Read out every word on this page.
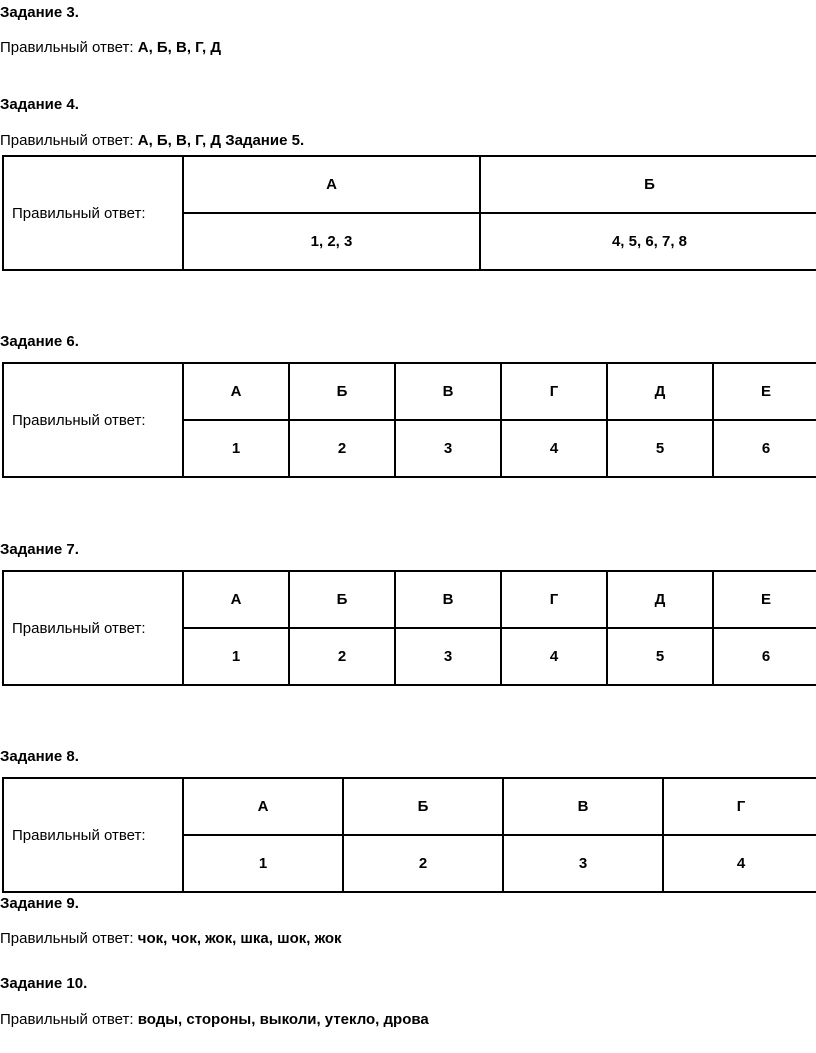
Задание 3.
Правильный ответ: А, Б, В, Г, Д
Задание 4.
Правильный ответ: А, Б, В, Г, Д Задание 5.
Правильный ответ:	А	Б
	1, 2, 3	4, 5, 6, 7, 8
Задание 6.
Правильный ответ:	А	Б	В	Г	Д	Е
	1	2	3	4	5	6
Задание 7.
Правильный ответ:	А	Б	В	Г	Д	Е
	1	2	3	4	5	6
Задание 8.
Правильный ответ:	А	Б	В	Г
	1	2	3	4
Задание 9.
Правильный ответ: чок, чок, жок, шка, шок, жок
Задание 10.
Правильный ответ: воды, стороны, выколи, утекло, дрова
